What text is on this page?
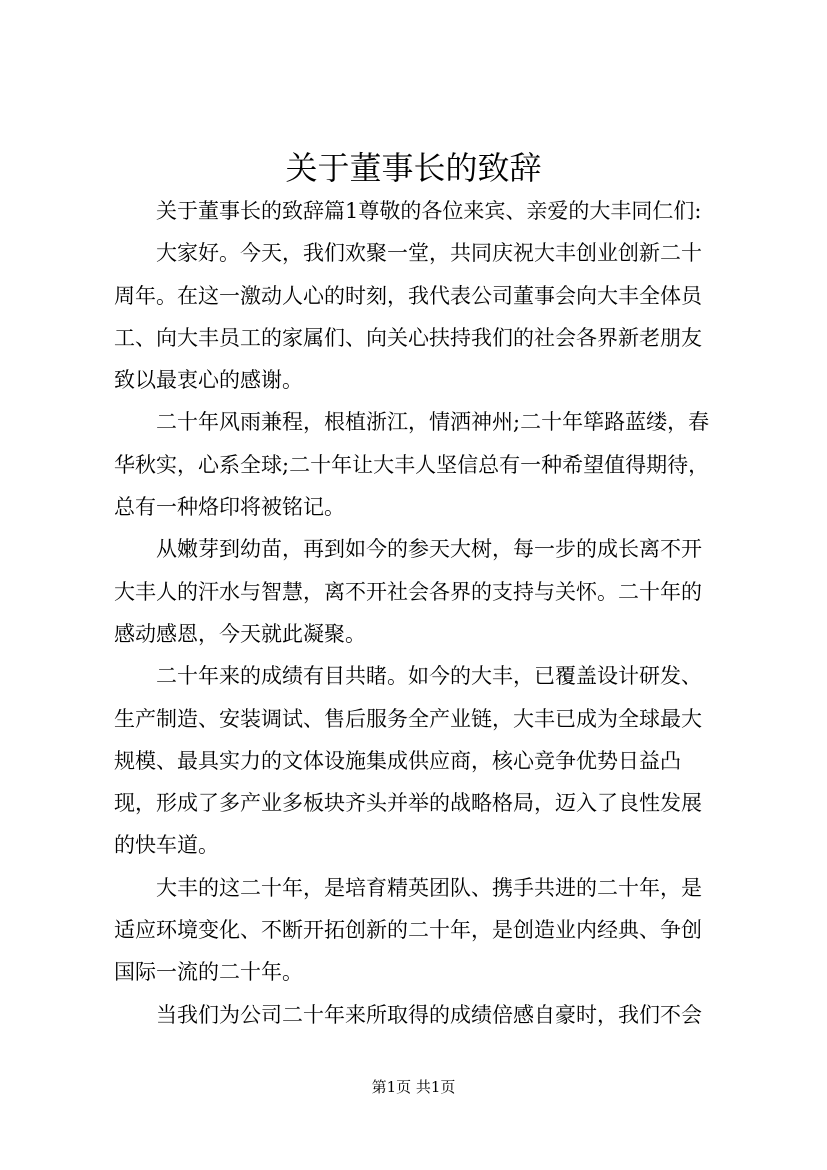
关于董事长的致辞

关于董事长的致辞篇1尊敬的各位来宾、亲爱的大丰同仁们:

大家好。今天，我们欢聚一堂，共同庆祝大丰创业创新二十周年。在这一激动人心的时刻，我代表公司董事会向大丰全体员工、向大丰员工的家属们、向关心扶持我们的社会各界新老朋友致以最衷心的感谢。

二十年风雨兼程，根植浙江，情洒神州;二十年筚路蓝缕，春华秋实，心系全球;二十年让大丰人坚信总有一种希望值得期待，总有一种烙印将被铭记。

从嫩芽到幼苗，再到如今的参天大树，每一步的成长离不开大丰人的汗水与智慧，离不开社会各界的支持与关怀。二十年的感动感恩，今天就此凝聚。

二十年来的成绩有目共睹。如今的大丰，已覆盖设计研发、生产制造、安装调试、售后服务全产业链，大丰已成为全球最大规模、最具实力的文体设施集成供应商，核心竞争优势日益凸现，形成了多产业多板块齐头并举的战略格局，迈入了良性发展的快车道。

大丰的这二十年，是培育精英团队、携手共进的二十年，是适应环境变化、不断开拓创新的二十年，是创造业内经典、争创国际一流的二十年。

当我们为公司二十年来所取得的成绩倍感自豪时，我们不会

第1页 共1页
